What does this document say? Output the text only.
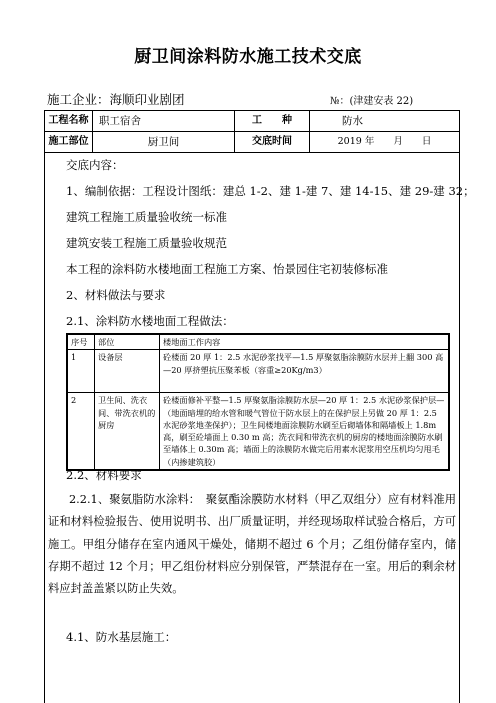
厨卫间涂料防水施工技术交底
施工企业：海顺印业剧团	№：(津建安表 22)
工程名称	职工宿舍	工　　种	防水
施工部位	厨卫间	交底时间	2019 年　　月　　日
交底内容：
1、编制依据：工程设计图纸：建总 1-2、建 1-建 7、建 14-15、建 29-建 32；
建筑工程施工质量验收统一标准
建筑安装工程施工质量验收规范
本工程的涂料防水楼地面工程施工方案、怡景园住宅初装修标准
2、材料做法与要求
2.1、涂料防水楼地面工程做法：
序号	部位	楼地面工作内容
1	设备层	砼楼面 20 厚 1：2.5 水泥砂浆找平—1.5 厚聚氨脂涂膜防水层并上翻 300 高—20 厚挤塑抗压聚苯板（容重≥20Kg/m3）
2	卫生间、洗衣间、带洗衣机的厨房	砼楼面修补平整—1.5 厚聚氨脂涂膜防水层—20 厚 1：2.5 水泥砂浆保护层—（地面暗埋的给水管和暖气管位于防水层上的在保护层上另做 20 厚 1：2.5 水泥砂浆地垄保护）；卫生间楼地面涂膜防水刷至后砌墙体和隔墙板上 1.8m 高，刷至砼墙面上 0.30 m 高；洗衣间和带洗衣机的厨房的楼地面涂膜防水刷至墙体上 0.30m 高；墙面上的涂膜防水做完后用素水泥浆用空压机均匀甩毛（内掺建筑胶）
2.2、材料要求
2.2.1、聚氨脂防水涂料：　聚氨酯涂膜防水材料（甲乙双组分）应有材料准用证和材料检验报告、使用说明书、出厂质量证明，并经现场取样试验合格后，方可施工。甲组分储存在室内通风干燥处，储期不超过 6 个月；乙组份储存室内，储存期不超过 12 个月；甲乙组份材料应分别保管，严禁混存在一室。用后的剩余材料应封盖盖紧以防止失效。
4.1、防水基层施工：
